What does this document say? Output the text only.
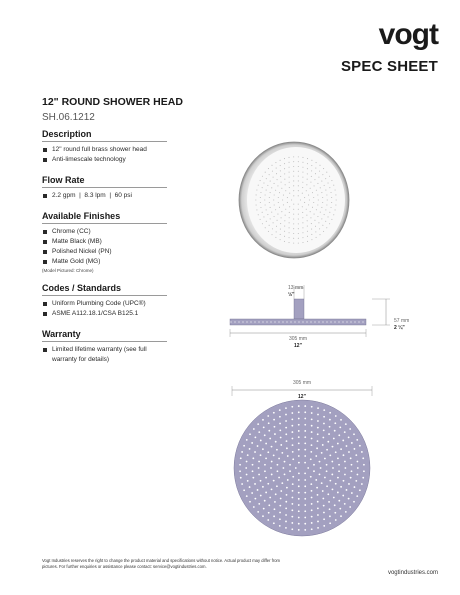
vogt
SPEC SHEET
12" ROUND SHOWER HEAD
SH.06.1212
Description
12" round full brass shower head
Anti-limescale technology
Flow Rate
2.2 gpm  |  8.3 lpm  |  60 psi
Available Finishes
Chrome (CC)
Matte Black (MB)
Polished Nickel (PN)
Matte Gold (MG)
(Model Pictured: Chrome)
Codes / Standards
Uniform Plumbing Code (UPC®)
ASME A112.18.1/CSA B125.1
Warranty
Limited lifetime warranty (see full warranty for details)
13 mm
½"
305 mm
12"
57 mm
2 ¼"
305 mm
12"
Vogt Industries reserves the right to change the product material and specifications without notice. Actual product may differ from pictures. For further enquiries or assistance please contact: service@vogtindustries.com.
vogtindustries.com
